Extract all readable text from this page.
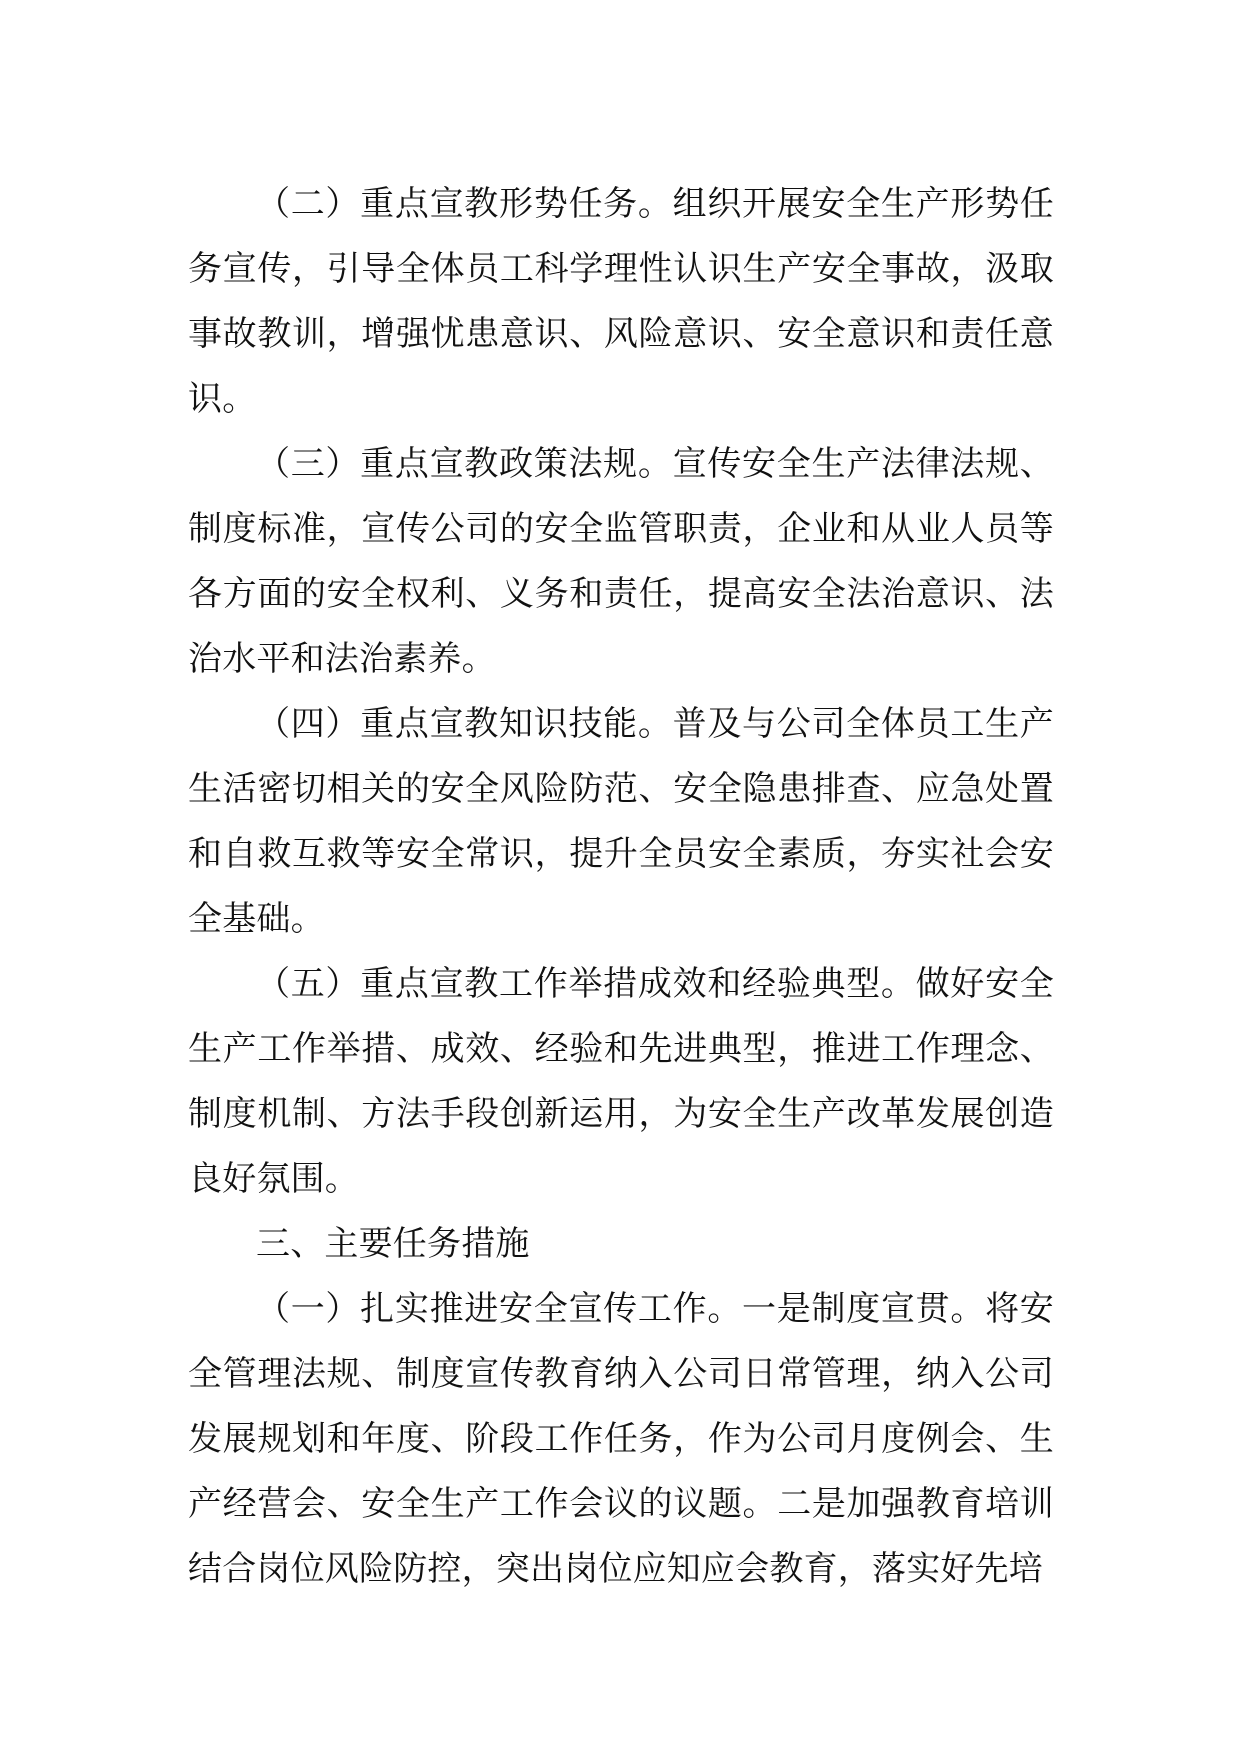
（二）重点宣教形势任务。组织开展安全生产形势任务宣传，引导全体员工科学理性认识生产安全事故，汲取事故教训，增强忧患意识、风险意识、安全意识和责任意识。

（三）重点宣教政策法规。宣传安全生产法律法规、制度标准，宣传公司的安全监管职责，企业和从业人员等各方面的安全权利、义务和责任，提高安全法治意识、法治水平和法治素养。

（四）重点宣教知识技能。普及与公司全体员工生产生活密切相关的安全风险防范、安全隐患排查、应急处置和自救互救等安全常识，提升全员安全素质，夯实社会安全基础。

（五）重点宣教工作举措成效和经验典型。做好安全生产工作举措、成效、经验和先进典型，推进工作理念、制度机制、方法手段创新运用，为安全生产改革发展创造良好氛围。

三、主要任务措施

（一）扎实推进安全宣传工作。一是制度宣贯。将安全管理法规、制度宣传教育纳入公司日常管理，纳入公司发展规划和年度、阶段工作任务，作为公司月度例会、生产经营会、安全生产工作会议的议题。二是加强教育培训结合岗位风险防控，突出岗位应知应会教育，落实好先培
